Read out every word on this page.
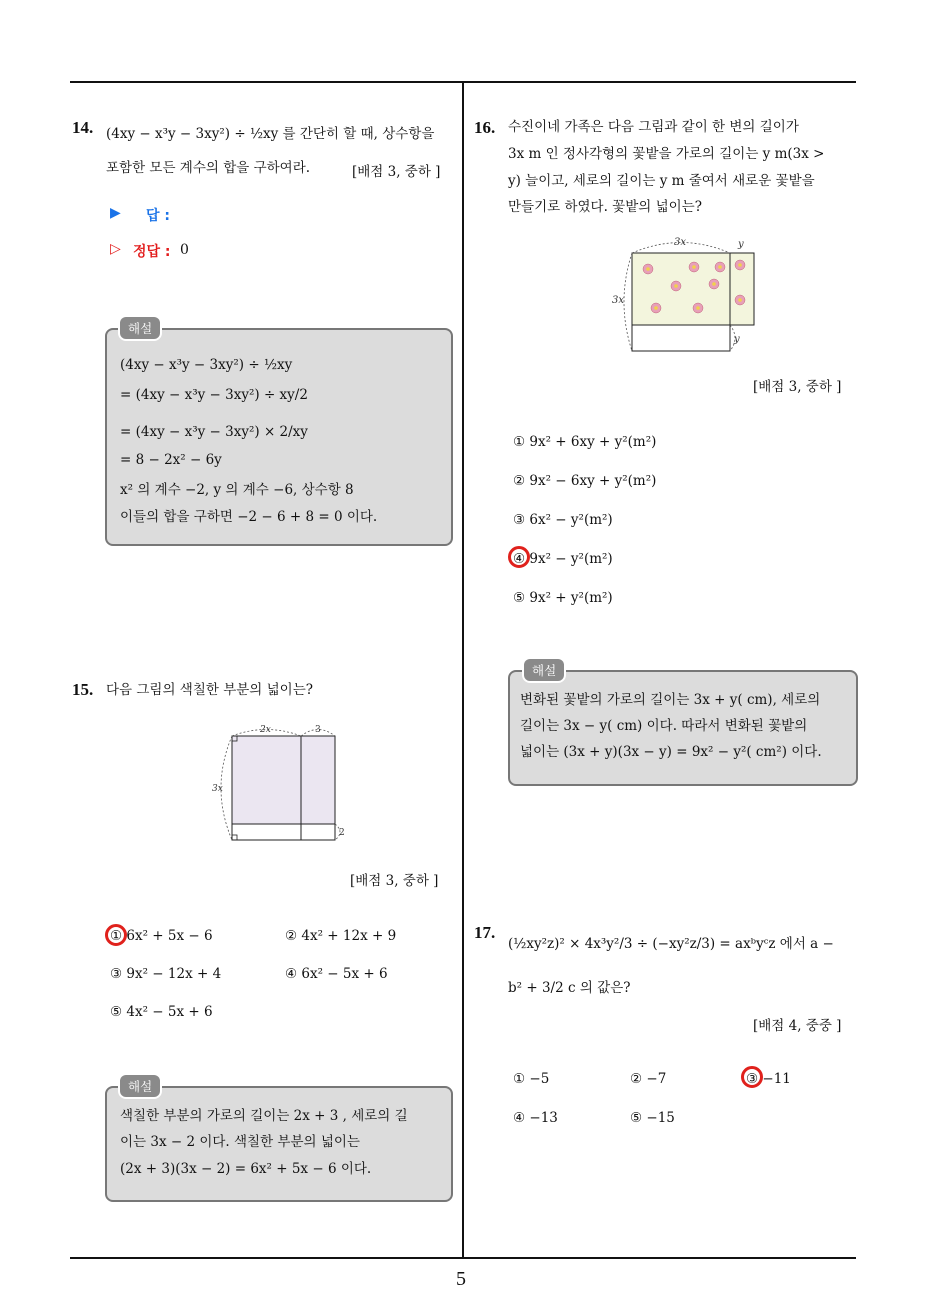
5
14. (4xy − x³y − 3xy²) ÷ ½xy 를 간단히 할 때, 상수항을
포함한 모든 계수의 합을 구하여라.	[배점 3, 중하 ]
▶ 답 :
▷ 정답 : 0
해설
(4xy − x³y − 3xy²) ÷ ½xy
= (4xy − x³y − 3xy²) ÷ xy/2
= (4xy − x³y − 3xy²) × 2/xy
= 8 − 2x² − 6y
x² 의 계수 −2, y 의 계수 −6, 상수항 8
이들의 합을 구하면 −2 − 6 + 8 = 0 이다.
15. 다음 그림의 색칠한 부분의 넓이는?
2x	3
3x
2
[배점 3, 중하 ]
① 6x² + 5x − 6	② 4x² + 12x + 9
③ 9x² − 12x + 4	④ 6x² − 5x + 6
⑤ 4x² − 5x + 6
해설
색칠한 부분의 가로의 길이는 2x + 3 , 세로의 길
이는 3x − 2 이다. 색칠한 부분의 넓이는
(2x + 3)(3x − 2) = 6x² + 5x − 6 이다.
16. 수진이네 가족은 다음 그림과 같이 한 변의 길이가
3x m 인 정사각형의 꽃밭을 가로의 길이는 y m(3x >
y) 늘이고, 세로의 길이는 y m 줄여서 새로운 꽃밭을
만들기로 하였다. 꽃밭의 넓이는?
3x	y
3x
y
[배점 3, 중하 ]
① 9x² + 6xy + y²(m²)
② 9x² − 6xy + y²(m²)
③ 6x² − y²(m²)
④ 9x² − y²(m²)
⑤ 9x² + y²(m²)
해설
변화된 꽃밭의 가로의 길이는 3x + y( cm), 세로의
길이는 3x − y( cm) 이다. 따라서 변화된 꽃밭의
넓이는 (3x + y)(3x − y) = 9x² − y²( cm²) 이다.
17.
(½xy²z)² × 4x³y²/3 ÷ (−xy²z/3) = axᵇyᶜz 에서 a −
b² + 3/2 c 의 값은?
[배점 4, 중중 ]
① −5	② −7	③ −11
④ −13	⑤ −15
